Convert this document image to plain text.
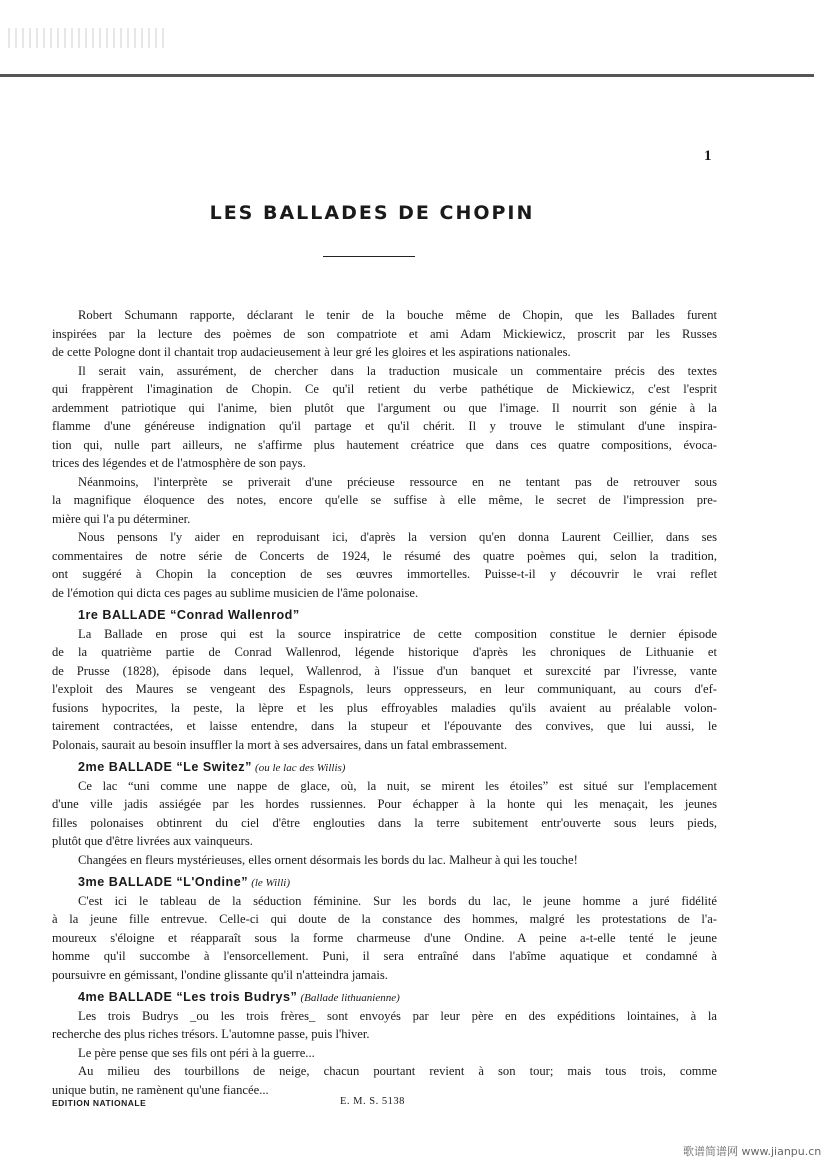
1
LES BALLADES DE CHOPIN
Robert Schumann rapporte, déclarant le tenir de la bouche même de Chopin, que les Ballades furent
inspirées par la lecture des poèmes de son compatriote et ami Adam Mickiewicz, proscrit par les Russes
de cette Pologne dont il chantait trop audacieusement à leur gré les gloires et les aspirations nationales.
Il serait vain, assurément, de chercher dans la traduction musicale un commentaire précis des textes
qui frappèrent l'imagination de Chopin. Ce qu'il retient du verbe pathétique de Mickiewicz, c'est l'esprit
ardemment patriotique qui l'anime, bien plutôt que l'argument ou que l'image. Il nourrit son génie à la
flamme d'une généreuse indignation qu'il partage et qu'il chérit. Il y trouve le stimulant d'une inspira-
tion qui, nulle part ailleurs, ne s'affirme plus hautement créatrice que dans ces quatre compositions, évoca-
trices des légendes et de l'atmosphère de son pays.
Néanmoins, l'interprète se priverait d'une précieuse ressource en ne tentant pas de retrouver sous
la magnifique éloquence des notes, encore qu'elle se suffise à elle même, le secret de l'impression pre-
mière qui l'a pu déterminer.
Nous pensons l'y aider en reproduisant ici, d'après la version qu'en donna Laurent Ceillier, dans ses
commentaires de notre série de Concerts de 1924, le résumé des quatre poèmes qui, selon la tradition,
ont suggéré à Chopin la conception de ses œuvres immortelles. Puisse-t-il y découvrir le vrai reflet
de l'émotion qui dicta ces pages au sublime musicien de l'âme polonaise.
1re BALLADE “Conrad Wallenrod”
La Ballade en prose qui est la source inspiratrice de cette composition constitue le dernier épisode
de la quatrième partie de Conrad Wallenrod, légende historique d'après les chroniques de Lithuanie et
de Prusse (1828), épisode dans lequel, Wallenrod, à l'issue d'un banquet et surexcité par l'ivresse, vante
l'exploit des Maures se vengeant des Espagnols, leurs oppresseurs, en leur communiquant, au cours d'ef-
fusions hypocrites, la peste, la lèpre et les plus effroyables maladies qu'ils avaient au préalable volon-
tairement contractées, et laisse entendre, dans la stupeur et l'épouvante des convives, que lui aussi, le
Polonais, saurait au besoin insuffler la mort à ses adversaires, dans un fatal embrassement.
2me BALLADE “Le Switez” (ou le lac des Willis)
Ce lac “uni comme une nappe de glace, où, la nuit, se mirent les étoiles” est situé sur l'emplacement
d'une ville jadis assiégée par les hordes russiennes. Pour échapper à la honte qui les menaçait, les jeunes
filles polonaises obtinrent du ciel d'être englouties dans la terre subitement entr'ouverte sous leurs pieds,
plutôt que d'être livrées aux vainqueurs.
Changées en fleurs mystérieuses, elles ornent désormais les bords du lac. Malheur à qui les touche!
3me BALLADE “L'Ondine” (le Willi)
C'est ici le tableau de la séduction féminine. Sur les bords du lac, le jeune homme a juré fidélité
à la jeune fille entrevue. Celle-ci qui doute de la constance des hommes, malgré les protestations de l'a-
moureux s'éloigne et réapparaît sous la forme charmeuse d'une Ondine. A peine a-t-elle tenté le jeune
homme qu'il succombe à l'ensorcellement. Puni, il sera entraîné dans l'abîme aquatique et condamné à
poursuivre en gémissant, l'ondine glissante qu'il n'atteindra jamais.
4me BALLADE “Les trois Budrys” (Ballade lithuanienne)
Les trois Budrys _ou les trois frères_ sont envoyés par leur père en des expéditions lointaines, à la
recherche des plus riches trésors. L'automne passe, puis l'hiver.
Le père pense que ses fils ont péri à la guerre...
Au milieu des tourbillons de neige, chacun pourtant revient à son tour; mais tous trois, comme
unique butin, ne ramènent qu'une fiancée...
EDITION NATIONALE	E. M. S. 5138
歌谱简谱网 www.jianpu.cn
